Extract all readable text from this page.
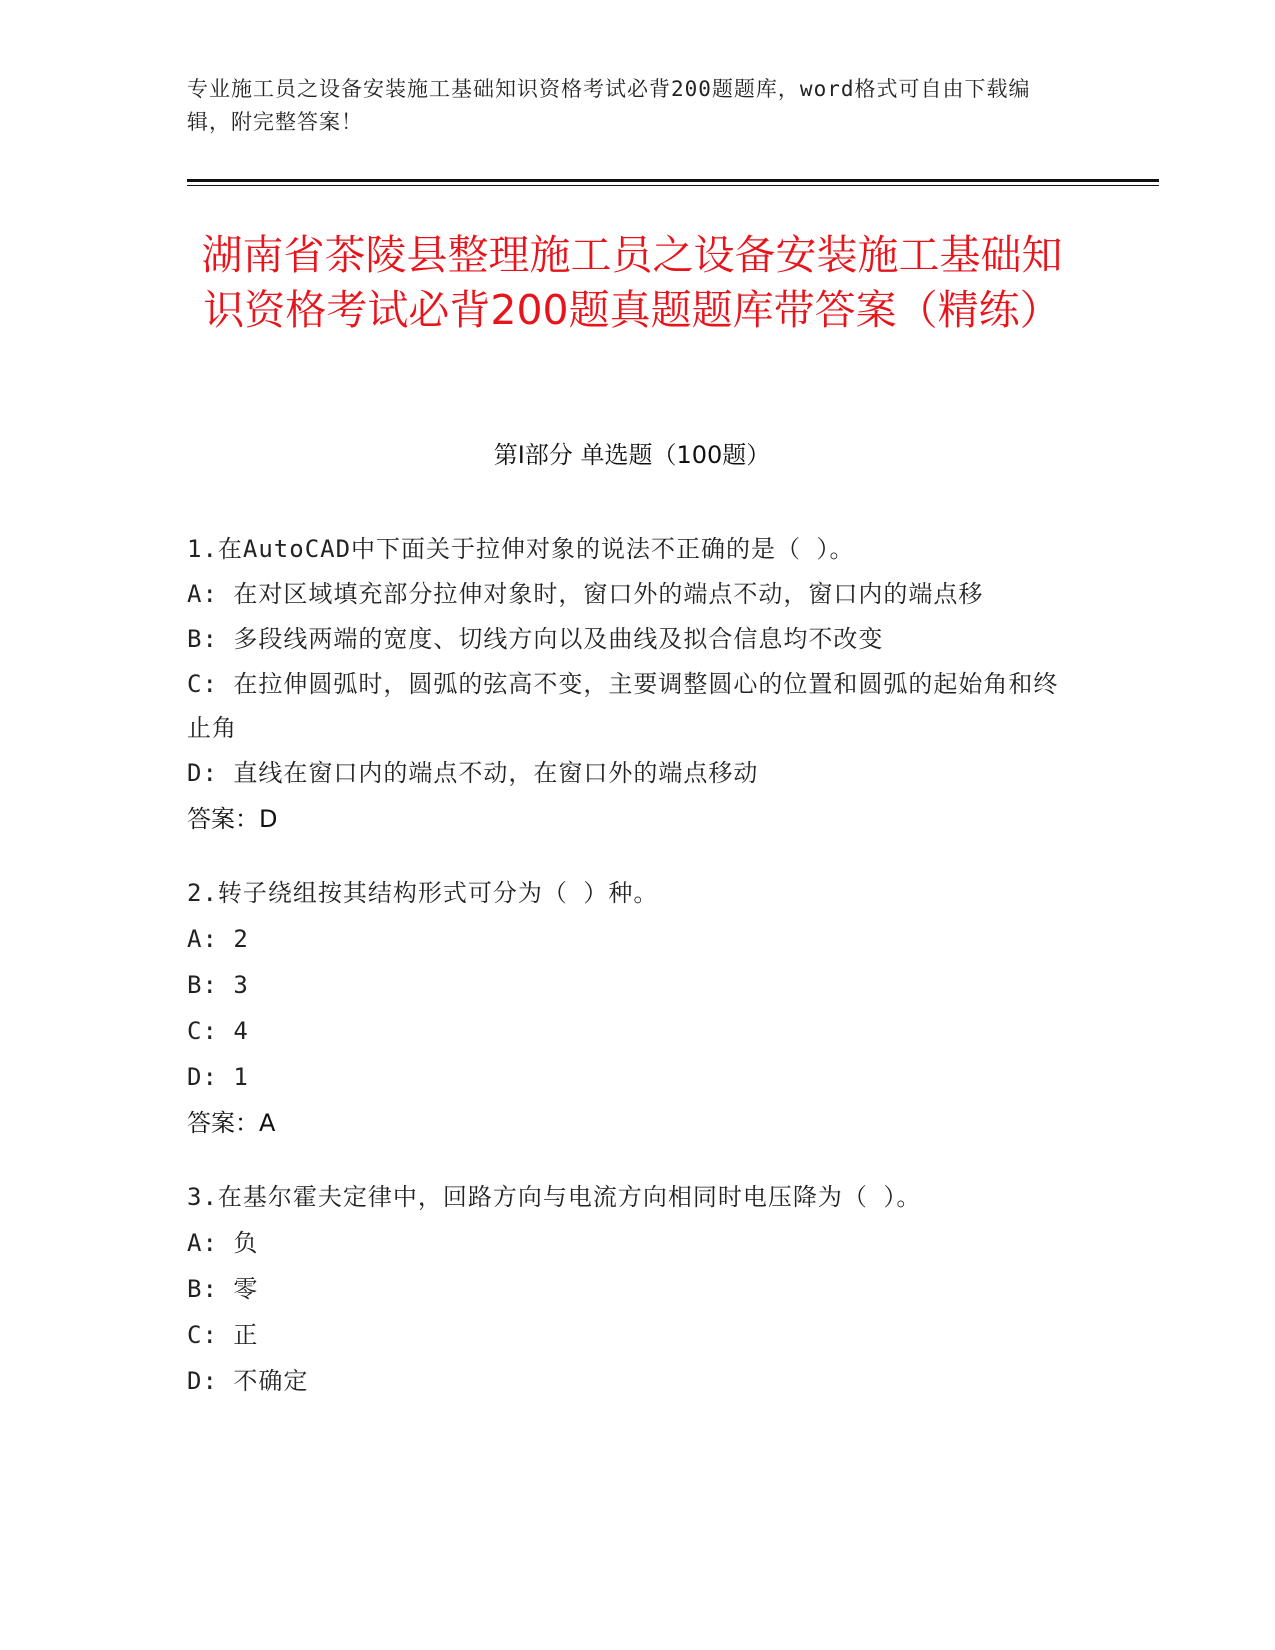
专业施工员之设备安装施工基础知识资格考试必背200题题库，word格式可自由下载编辑，附完整答案！
湖南省茶陵县整理施工员之设备安装施工基础知识资格考试必背200题真题题库带答案（精练）
第Ⅰ部分 单选题（100题）
1.在AutoCAD中下面关于拉伸对象的说法不正确的是（ ）。
A: 在对区域填充部分拉伸对象时，窗口外的端点不动，窗口内的端点移
B: 多段线两端的宽度、切线方向以及曲线及拟合信息均不改变
C: 在拉伸圆弧时，圆弧的弦高不变，主要调整圆心的位置和圆弧的起始角和终止角
D: 直线在窗口内的端点不动，在窗口外的端点移动
答案：D
2.转子绕组按其结构形式可分为（ ）种。
A: 2
B: 3
C: 4
D: 1
答案：A
3.在基尔霍夫定律中，回路方向与电流方向相同时电压降为（ ）。
A: 负
B: 零
C: 正
D: 不确定
